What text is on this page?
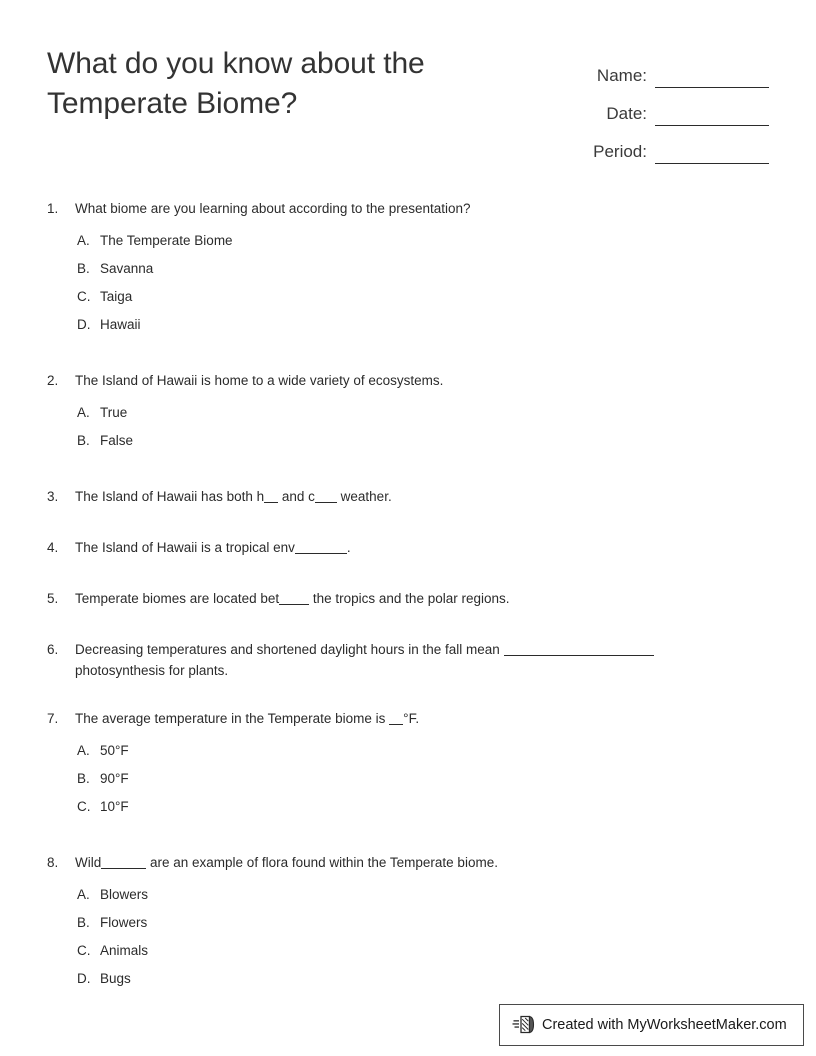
What do you know about the Temperate Biome?
Name:
Date:
Period:
1.	What biome are you learning about according to the presentation?
A. The Temperate Biome
B. Savanna
C. Taiga
D. Hawaii
2.	The Island of Hawaii is home to a wide variety of ecosystems.
A. True
B. False
3.	The Island of Hawaii has both h and c weather.
4.	The Island of Hawaii is a tropical env	.
5.	Temperate biomes are located bet the tropics and the polar regions.
6.	Decreasing temperatures and shortened daylight hours in the fall mean
photosynthesis for plants.
7.	The average temperature in the Temperate biome is °F.
A. 50°F
B. 90°F
C. 10°F
8.	Wild	are an example of flora found within the Temperate biome.
A. Blowers
B. Flowers
C. Animals
D. Bugs
Created with MyWorksheetMaker.com
